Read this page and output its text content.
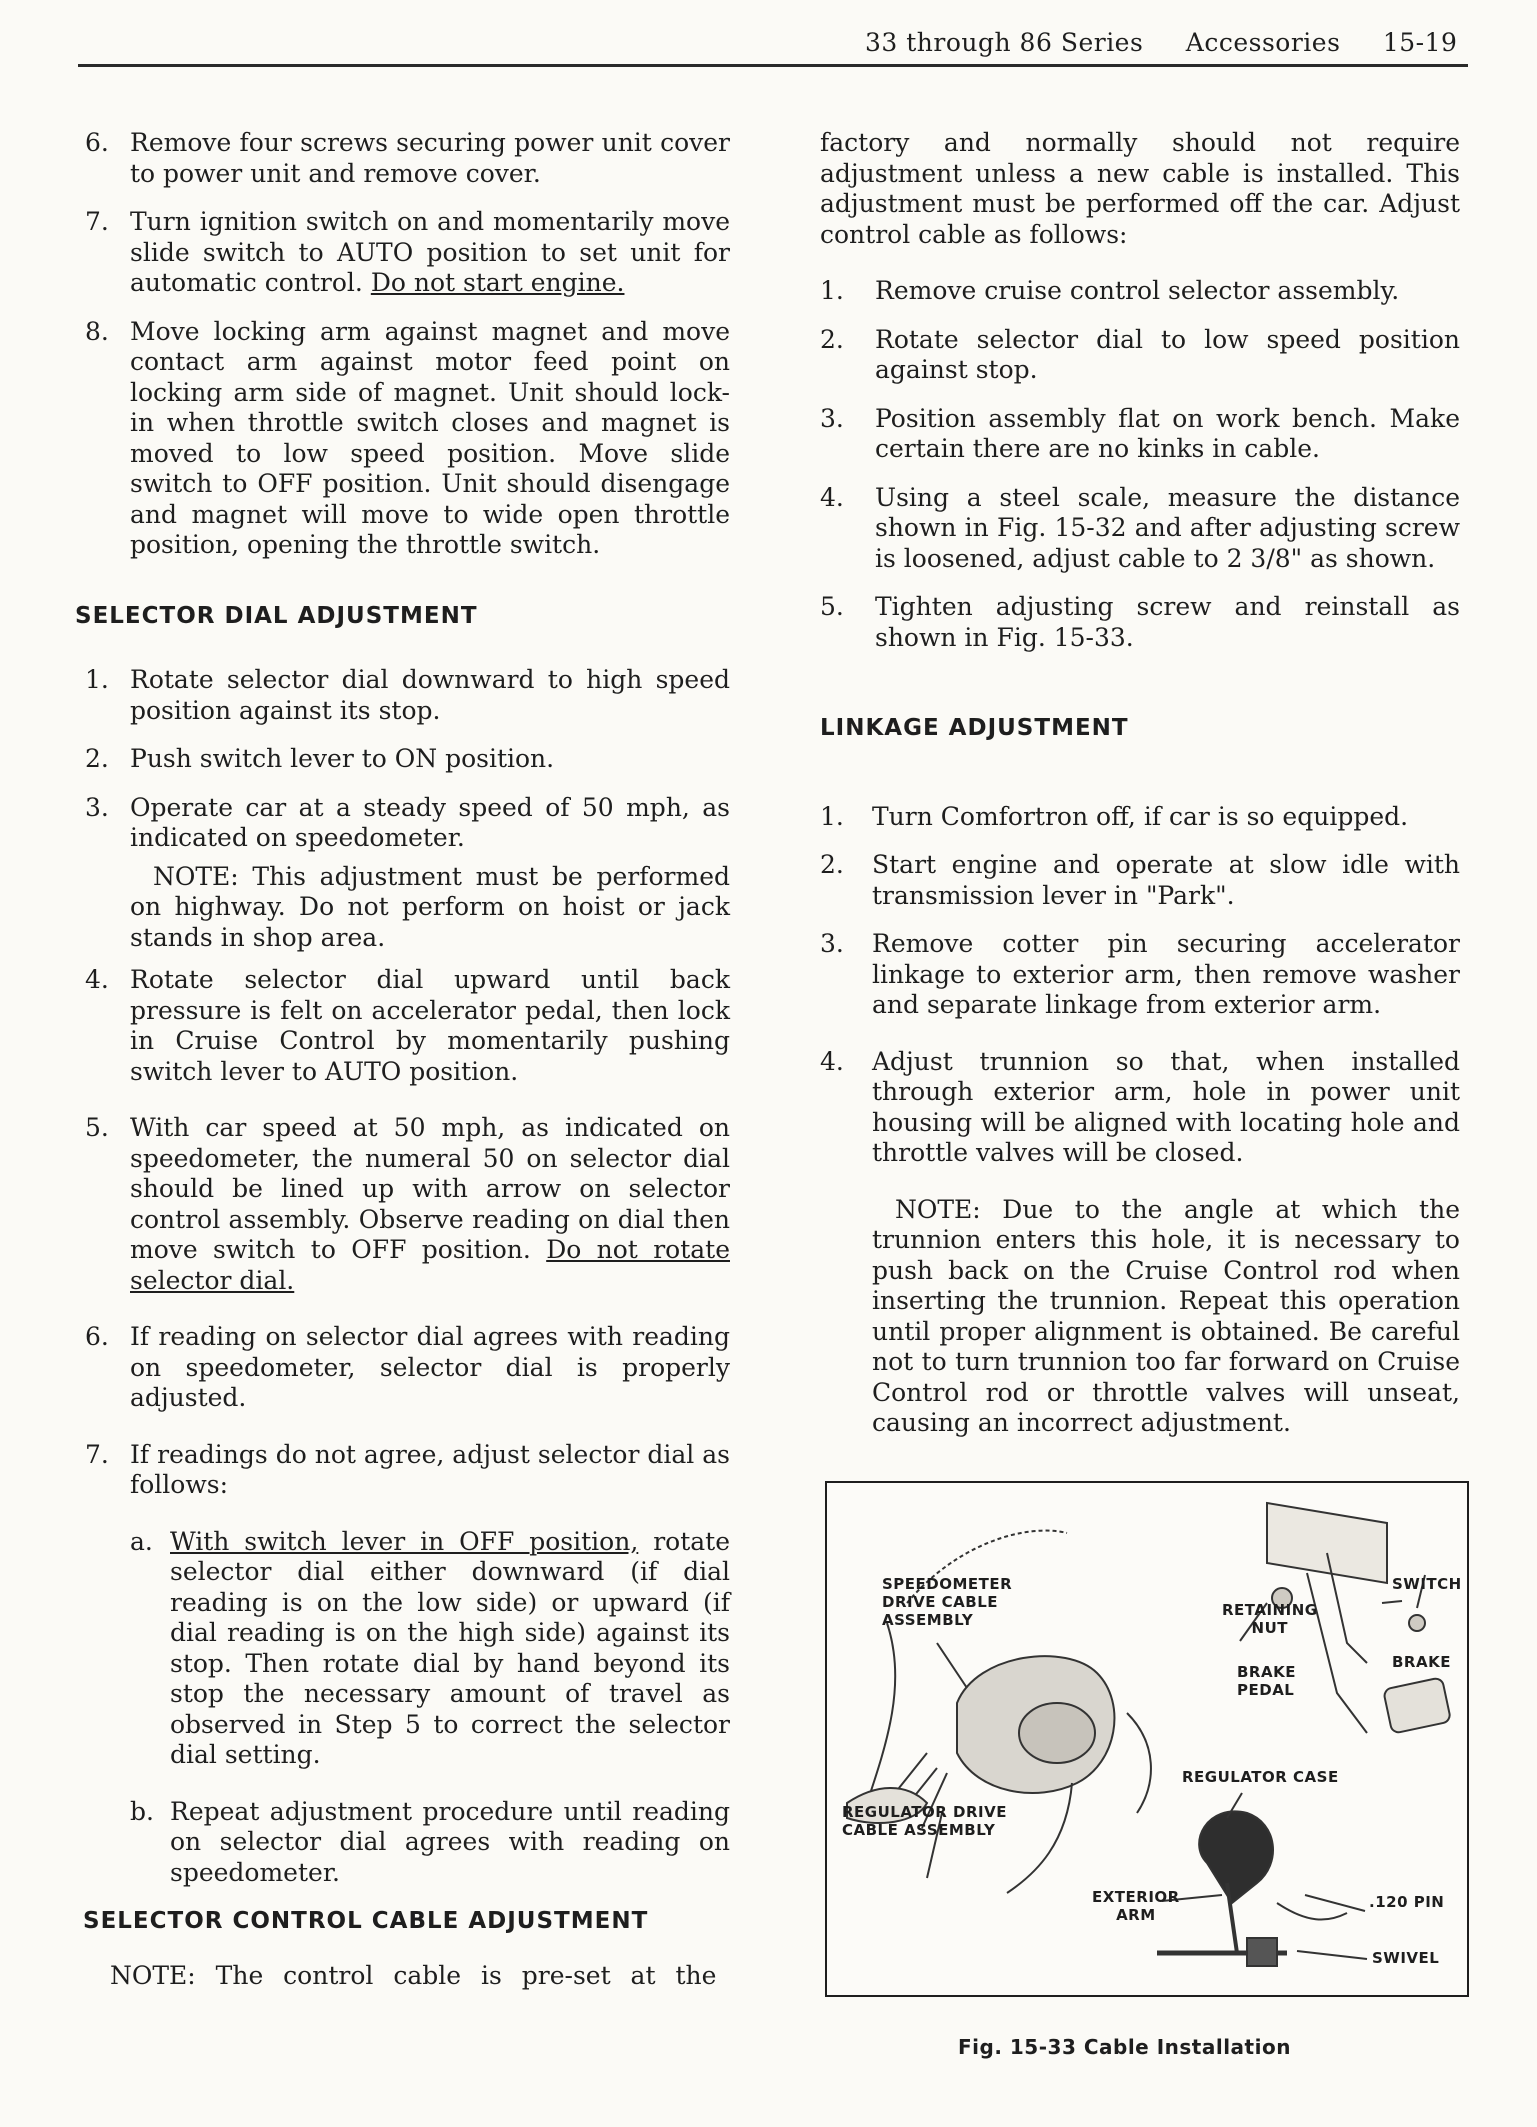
33 through 86 Series Accessories 15-19
6. Remove four screws securing power unit cover to power unit and remove cover.
7. Turn ignition switch on and momentarily move slide switch to AUTO position to set unit for automatic control. Do not start engine.
8. Move locking arm against magnet and move contact arm against motor feed point on locking arm side of magnet. Unit should lock-in when throttle switch closes and magnet is moved to low speed position. Move slide switch to OFF position. Unit should disengage and magnet will move to wide open throttle position, opening the throttle switch.
SELECTOR DIAL ADJUSTMENT
1. Rotate selector dial downward to high speed position against its stop.
2. Push switch lever to ON position.
3. Operate car at a steady speed of 50 mph, as indicated on speedometer.
NOTE: This adjustment must be performed on highway. Do not perform on hoist or jack stands in shop area.
4. Rotate selector dial upward until back pressure is felt on accelerator pedal, then lock in Cruise Control by momentarily pushing switch lever to AUTO position.
5. With car speed at 50 mph, as indicated on speedometer, the numeral 50 on selector dial should be lined up with arrow on selector control assembly. Observe reading on dial then move switch to OFF position. Do not rotate selector dial.
6. If reading on selector dial agrees with reading on speedometer, selector dial is properly adjusted.
7. If readings do not agree, adjust selector dial as follows:
a. With switch lever in OFF position, rotate selector dial either downward (if dial reading is on the low side) or upward (if dial reading is on the high side) against its stop. Then rotate dial by hand beyond its stop the necessary amount of travel as observed in Step 5 to correct the selector dial setting.
b. Repeat adjustment procedure until reading on selector dial agrees with reading on speedometer.
SELECTOR CONTROL CABLE ADJUSTMENT
NOTE: The control cable is pre-set at the
factory and normally should not require adjustment unless a new cable is installed. This adjustment must be performed off the car. Adjust control cable as follows:
1. Remove cruise control selector assembly.
2. Rotate selector dial to low speed position against stop.
3. Position assembly flat on work bench. Make certain there are no kinks in cable.
4. Using a steel scale, measure the distance shown in Fig. 15-32 and after adjusting screw is loosened, adjust cable to 2 3/8" as shown.
5. Tighten adjusting screw and reinstall as shown in Fig. 15-33.
LINKAGE ADJUSTMENT
1. Turn Comfortron off, if car is so equipped.
2. Start engine and operate at slow idle with transmission lever in "Park".
3. Remove cotter pin securing accelerator linkage to exterior arm, then remove washer and separate linkage from exterior arm.
4. Adjust trunnion so that, when installed through exterior arm, hole in power unit housing will be aligned with locating hole and throttle valves will be closed.
NOTE: Due to the angle at which the trunnion enters this hole, it is necessary to push back on the Cruise Control rod when inserting the trunnion. Repeat this operation until proper alignment is obtained. Be careful not to turn trunnion too far forward on Cruise Control rod or throttle valves will unseat, causing an incorrect adjustment.
SPEEDOMETER
DRIVE CABLE
ASSEMBLY
SWITCH
RETAINING
NUT
BRAKE
BRAKE
PEDAL
REGULATOR CASE
REGULATOR DRIVE
CABLE ASSEMBLY
EXTERIOR
ARM
.120 PIN
SWIVEL
Fig. 15-33 Cable Installation
